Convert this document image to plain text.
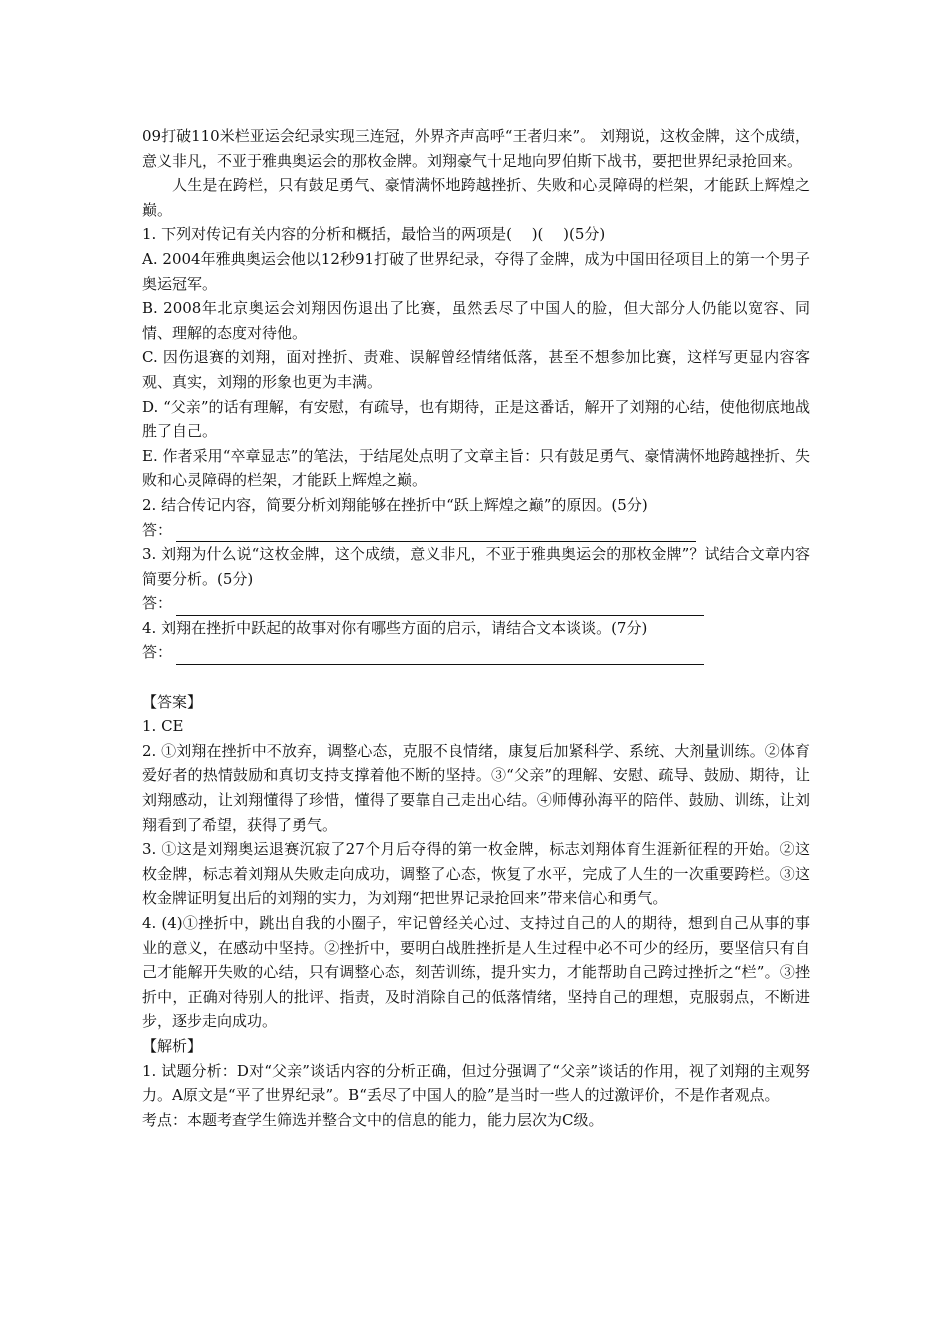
09打破110米栏亚运会纪录实现三连冠，外界齐声高呼“王者归来”。 刘翔说，这枚金牌，这个成绩，意义非凡，不亚于雅典奥运会的那枚金牌。刘翔豪气十足地向罗伯斯下战书，要把世界纪录抢回来。

人生是在跨栏，只有鼓足勇气、豪情满怀地跨越挫折、失败和心灵障碍的栏架，才能跃上辉煌之巅。

1. 下列对传记有关内容的分析和概括，最恰当的两项是(　 )(　 )(5分)

A. 2004年雅典奥运会他以12秒91打破了世界纪录，夺得了金牌，成为中国田径项目上的第一个男子奥运冠军。

B. 2008年北京奥运会刘翔因伤退出了比赛，虽然丢尽了中国人的脸，但大部分人仍能以宽容、同情、理解的态度对待他。

C. 因伤退赛的刘翔，面对挫折、责难、误解曾经情绪低落，甚至不想参加比赛，这样写更显内容客观、真实，刘翔的形象也更为丰满。

D. “父亲”的话有理解，有安慰，有疏导，也有期待，正是这番话，解开了刘翔的心结，使他彻底地战胜了自己。

E. 作者采用“卒章显志”的笔法，于结尾处点明了文章主旨：只有鼓足勇气、豪情满怀地跨越挫折、失败和心灵障碍的栏架，才能跃上辉煌之巅。

2. 结合传记内容，简要分析刘翔能够在挫折中“跃上辉煌之巅”的原因。(5分)

答：

3. 刘翔为什么说“这枚金牌，这个成绩，意义非凡，不亚于雅典奥运会的那枚金牌”？试结合文章内容简要分析。(5分)

答：

4. 刘翔在挫折中跃起的故事对你有哪些方面的启示，请结合文本谈谈。(7分)

答：

【答案】

1. CE

2. ①刘翔在挫折中不放弃，调整心态，克服不良情绪，康复后加紧科学、系统、大剂量训练。②体育爱好者的热情鼓励和真切支持支撑着他不断的坚持。③“父亲”的理解、安慰、疏导、鼓励、期待，让刘翔感动，让刘翔懂得了珍惜，懂得了要靠自己走出心结。④师傅孙海平的陪伴、鼓励、训练，让刘翔看到了希望，获得了勇气。

3. ①这是刘翔奥运退赛沉寂了27个月后夺得的第一枚金牌，标志刘翔体育生涯新征程的开始。②这枚金牌，标志着刘翔从失败走向成功，调整了心态，恢复了水平，完成了人生的一次重要跨栏。③这枚金牌证明复出后的刘翔的实力，为刘翔“把世界记录抢回来”带来信心和勇气。

4. (4)①挫折中，跳出自我的小圈子，牢记曾经关心过、支持过自己的人的期待，想到自己从事的事业的意义，在感动中坚持。②挫折中，要明白战胜挫折是人生过程中必不可少的经历，要坚信只有自己才能解开失败的心结，只有调整心态，刻苦训练，提升实力，才能帮助自己跨过挫折之“栏”。③挫折中，正确对待别人的批评、指责，及时消除自己的低落情绪，坚持自己的理想，克服弱点，不断进步，逐步走向成功。

【解析】

1. 试题分析：D对“父亲”谈话内容的分析正确，但过分强调了“父亲”谈话的作用，视了刘翔的主观努力。A原文是“平了世界纪录”。B“丢尽了中国人的脸”是当时一些人的过激评价，不是作者观点。

考点：本题考查学生筛选并整合文中的信息的能力，能力层次为C级。
